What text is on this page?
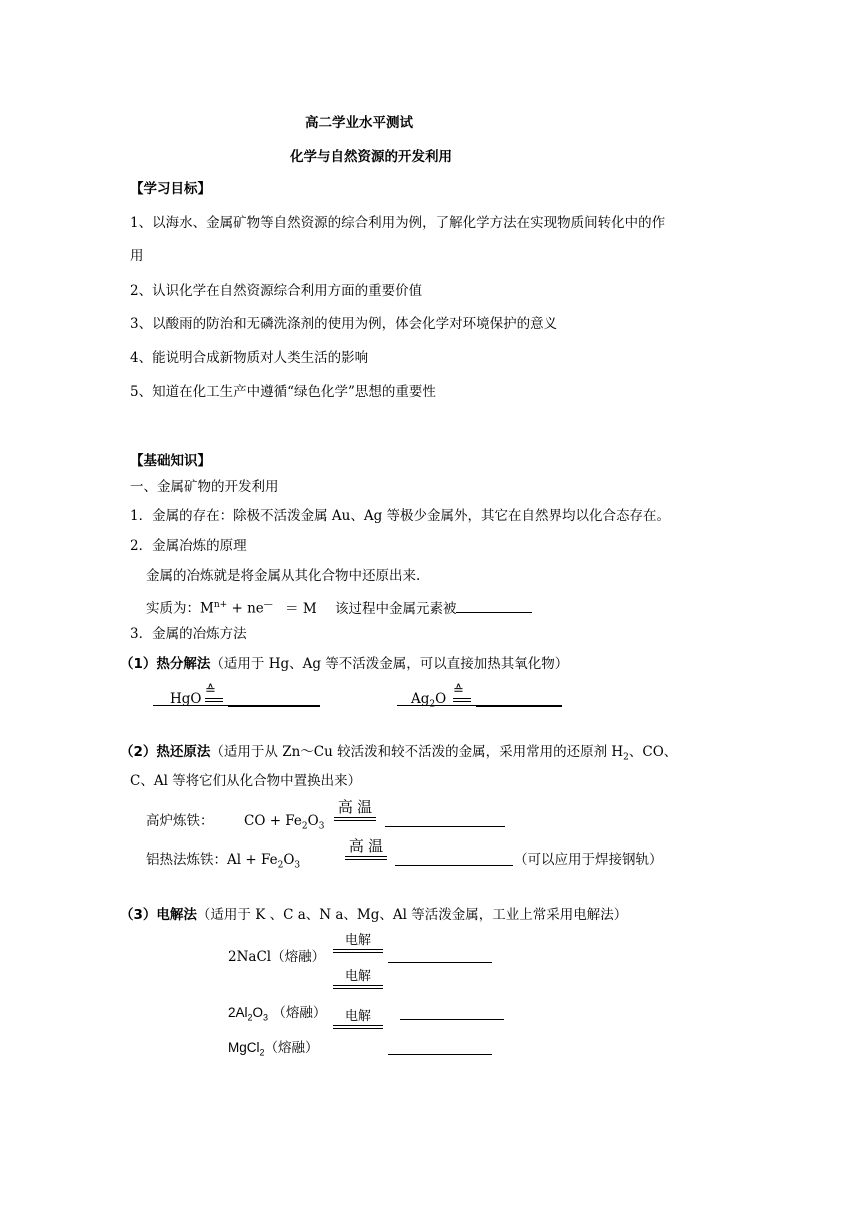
高二学业水平测试
化学与自然资源的开发利用
【学习目标】
1、以海水、金属矿物等自然资源的综合利用为例，了解化学方法在实现物质间转化中的作
用
2、认识化学在自然资源综合利用方面的重要价值
3、以酸雨的防治和无磷洗涤剂的使用为例，体会化学对环境保护的意义
4、能说明合成新物质对人类生活的影响
5、知道在化工生产中遵循“绿色化学”思想的重要性
【基础知识】
一、金属矿物的开发利用
1．金属的存在：除极不活泼金属 Au、Ag 等极少金属外，其它在自然界均以化合态存在。
2．金属冶炼的原理
金属的冶炼就是将金属从其化合物中还原出来.
实质为：$M^{n+} + ne^— = M$ 该过程中金属元素被
3．金属的冶炼方法
（1）热分解法（适用于 Hg、Ag 等不活泼金属，可以直接加热其氧化物）
HgO
≙
$Ag_2O$
≙
（2）热还原法（适用于从 Zn～Cu 较活泼和较不活泼的金属，采用常用的还原剂 $H_2$、CO、
C、Al 等将它们从化合物中置换出来）
高炉炼铁： CO + $Fe_2O_3$
高 温
铝热法炼铁：$Al + Fe_2O_3$
高 温
（可以应用于焊接钢轨）
（3）电解法（适用于 K 、C a、N a、Mg、Al 等活泼金属，工业上常采用电解法）
电解
2NaCl（熔融）
电解
$2Al_2O_3$ （熔融）	电解
MgCl$_2$（熔融）
